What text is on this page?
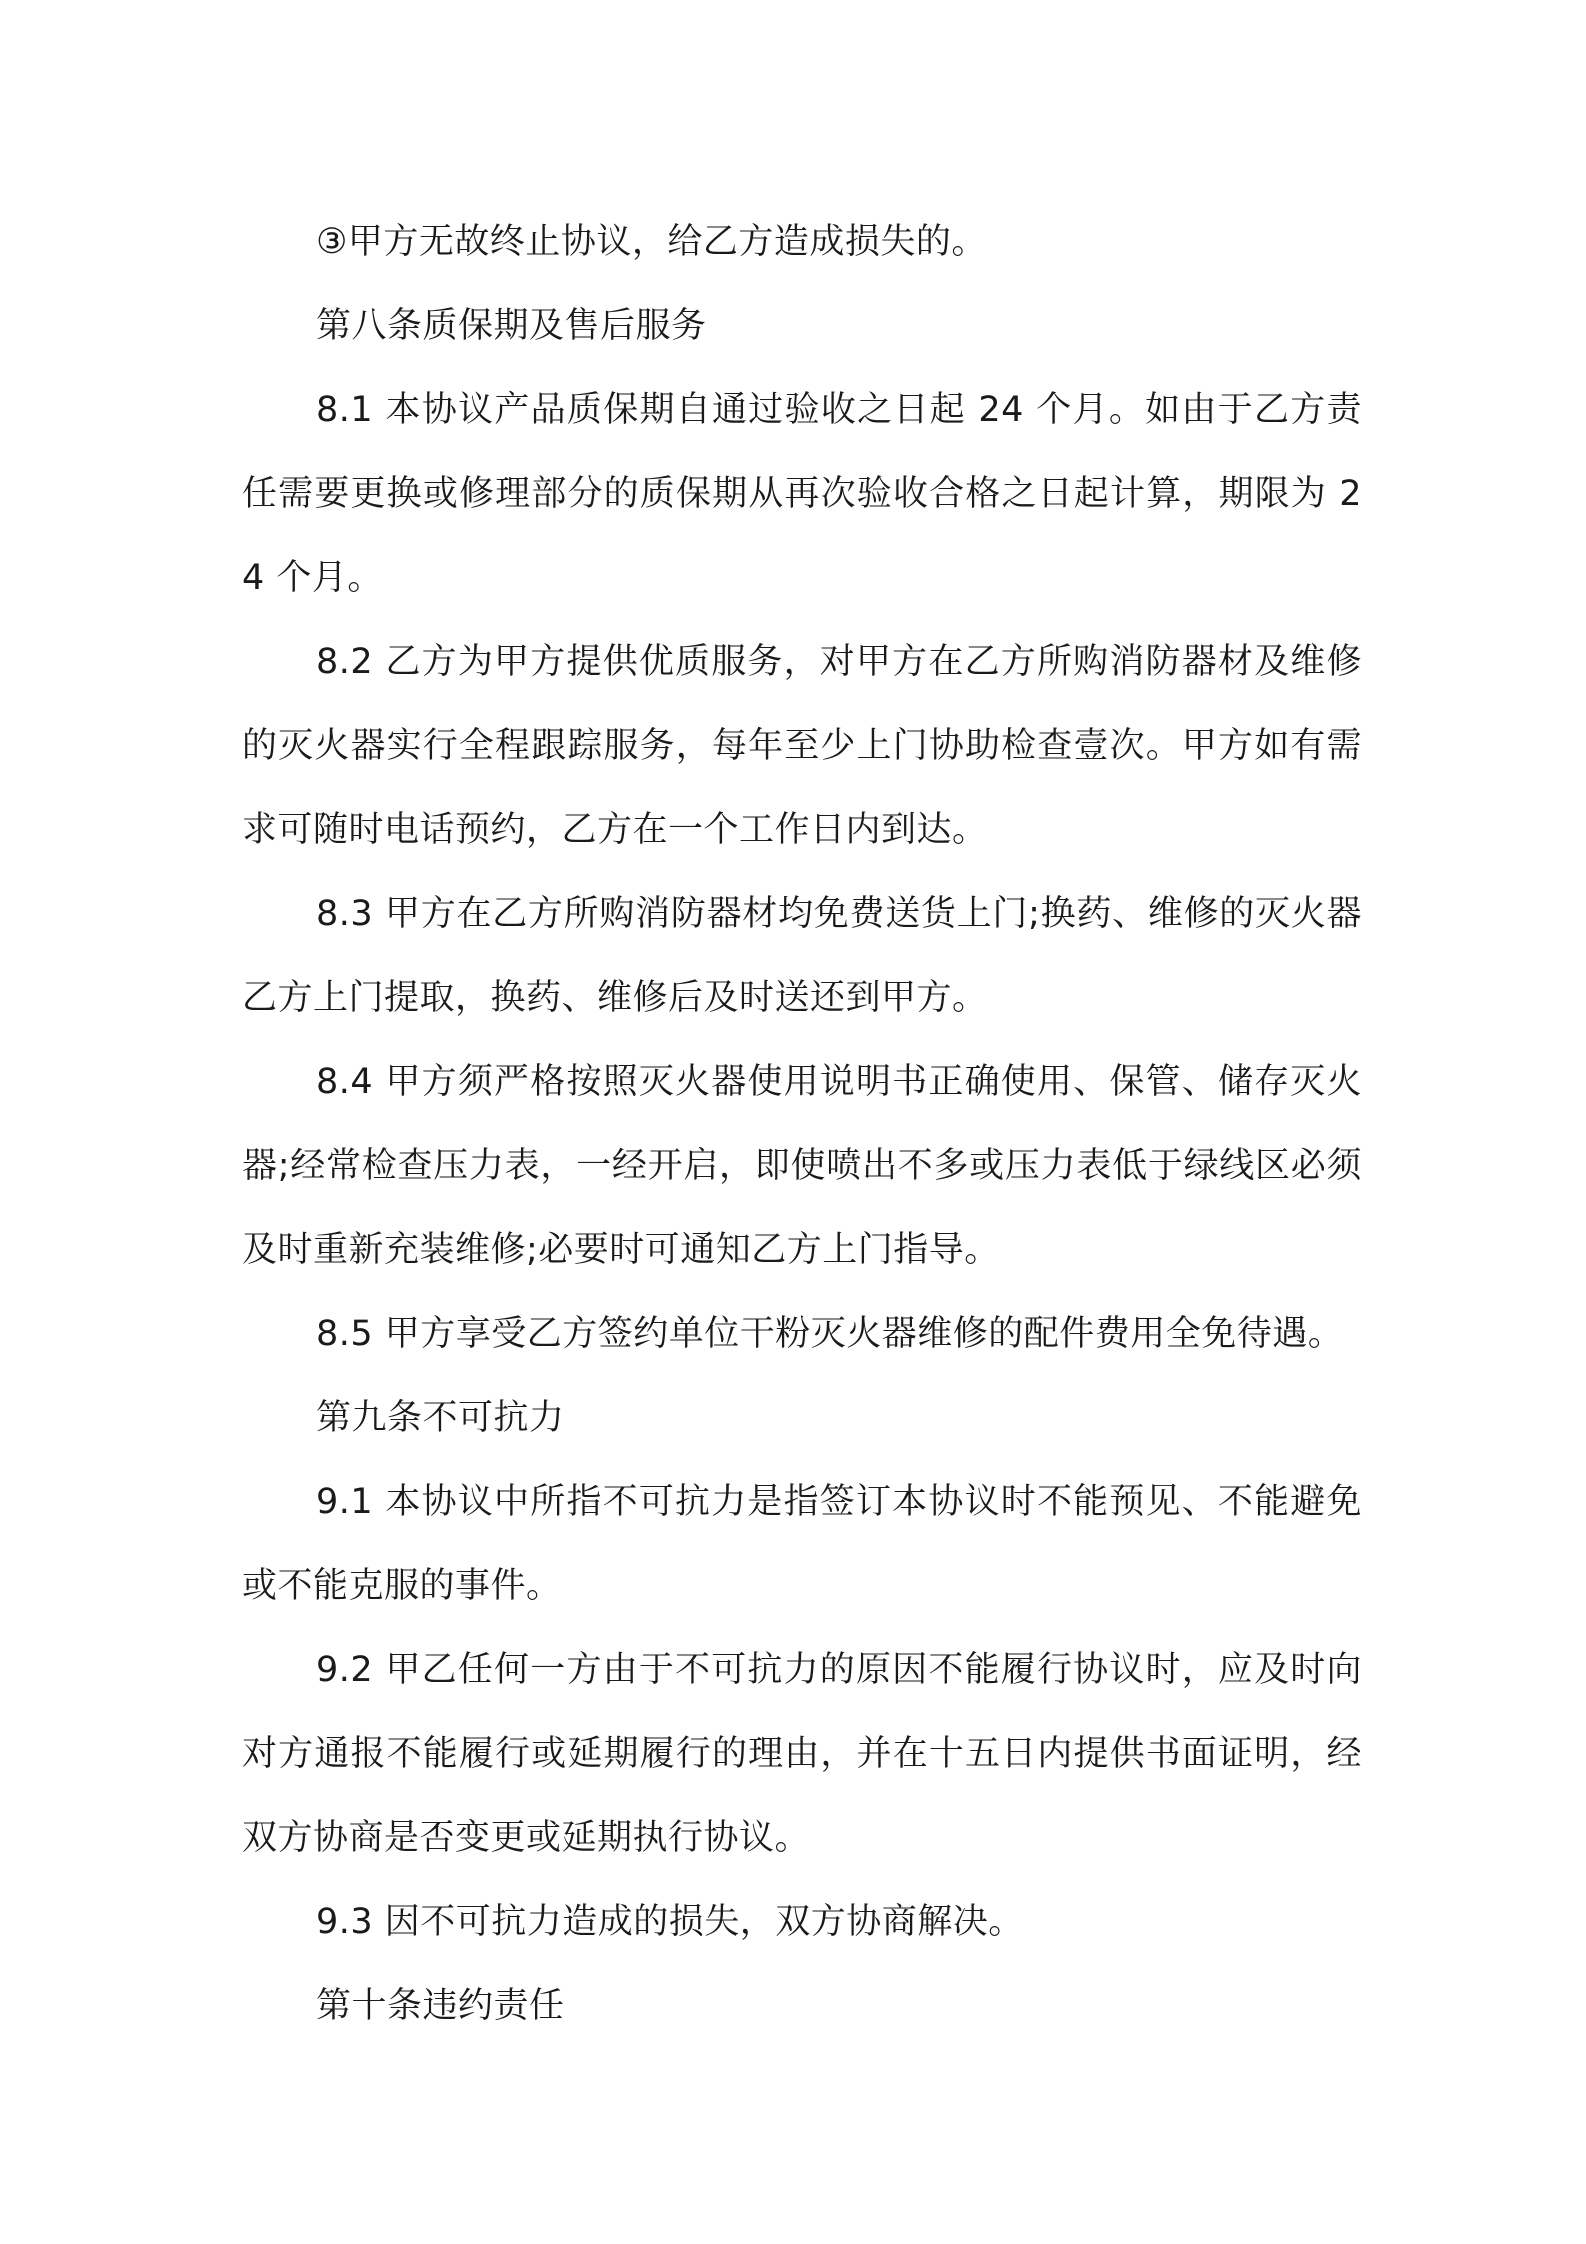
③甲方无故终止协议，给乙方造成损失的。

第八条质保期及售后服务

8.1 本协议产品质保期自通过验收之日起 24 个月。如由于乙方责任需要更换或修理部分的质保期从再次验收合格之日起计算，期限为 24 个月。

8.2 乙方为甲方提供优质服务，对甲方在乙方所购消防器材及维修的灭火器实行全程跟踪服务，每年至少上门协助检查壹次。甲方如有需求可随时电话预约，乙方在一个工作日内到达。

8.3 甲方在乙方所购消防器材均免费送货上门;换药、维修的灭火器乙方上门提取，换药、维修后及时送还到甲方。

8.4 甲方须严格按照灭火器使用说明书正确使用、保管、储存灭火器;经常检查压力表，一经开启，即使喷出不多或压力表低于绿线区必须及时重新充装维修;必要时可通知乙方上门指导。

8.5 甲方享受乙方签约单位干粉灭火器维修的配件费用全免待遇。

第九条不可抗力

9.1 本协议中所指不可抗力是指签订本协议时不能预见、不能避免或不能克服的事件。

9.2 甲乙任何一方由于不可抗力的原因不能履行协议时，应及时向对方通报不能履行或延期履行的理由，并在十五日内提供书面证明，经双方协商是否变更或延期执行协议。

9.3 因不可抗力造成的损失，双方协商解决。

第十条违约责任
